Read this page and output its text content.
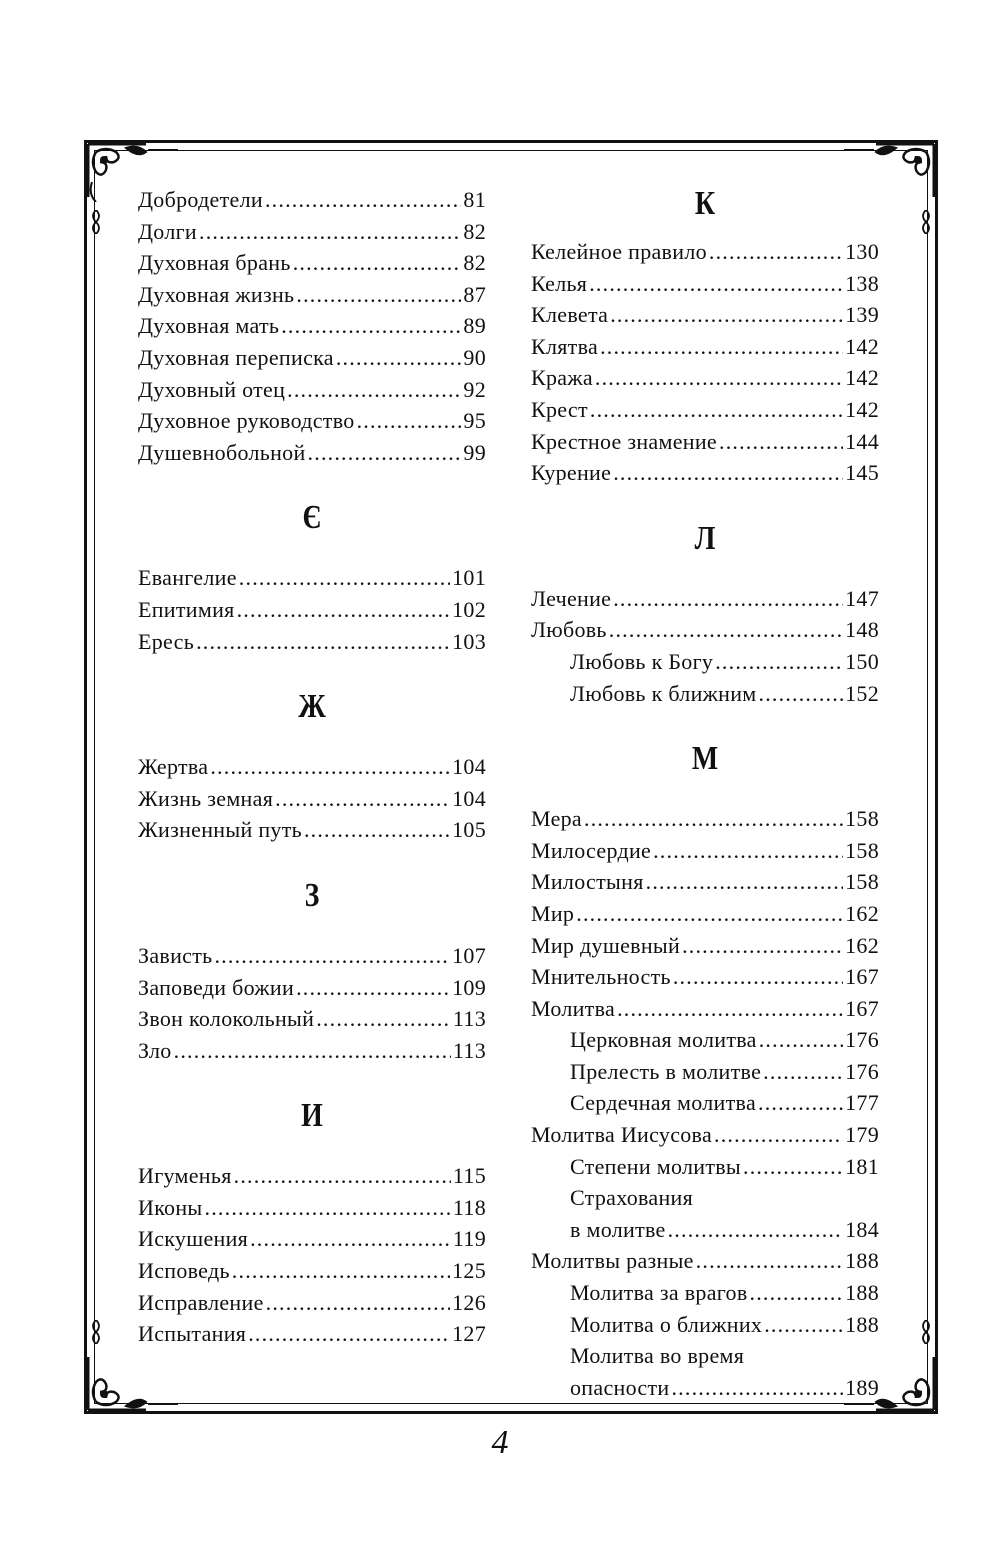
Добродетели .....	81
Долги .....	82
Духовная брань .....	82
Духовная жизнь .....	87
Духовная мать .....	89
Духовная переписка .....	90
Духовный отец .....	92
Духовное руководство .....	95
Душевнобольной .....	99
Є
Евангелие .....	101
Епитимия .....	102
Ересь .....	103
Ж
Жертва .....	104
Жизнь земная .....	104
Жизненный путь .....	105
З
Зависть .....	107
Заповеди божии .....	109
Звон колокольный .....	113
Зло .....	113
И
Игуменья .....	115
Иконы .....	118
Искушения .....	119
Исповедь .....	125
Исправление .....	126
Испытания .....	127
К
Келейное правило .....	130
Келья .....	138
Клевета .....	139
Клятва .....	142
Кража .....	142
Крест .....	142
Крестное знамение .....	144
Курение .....	145
Л
Лечение .....	147
Любовь .....	148
Любовь к Богу .....	150
Любовь к ближним .....	152
М
Мера .....	158
Милосердие .....	158
Милостыня .....	158
Мир .....	162
Мир душевный .....	162
Мнительность .....	167
Молитва .....	167
Церковная молитва .....	176
Прелесть в молитве .....	176
Сердечная молитва .....	177
Молитва Иисусова .....	179
Степени молитвы .....	181
Страхования
в молитве .....	184
Молитвы разные .....	188
Молитва за врагов .....	188
Молитва о ближних .....	188
Молитва во время
опасности .....	189
4
